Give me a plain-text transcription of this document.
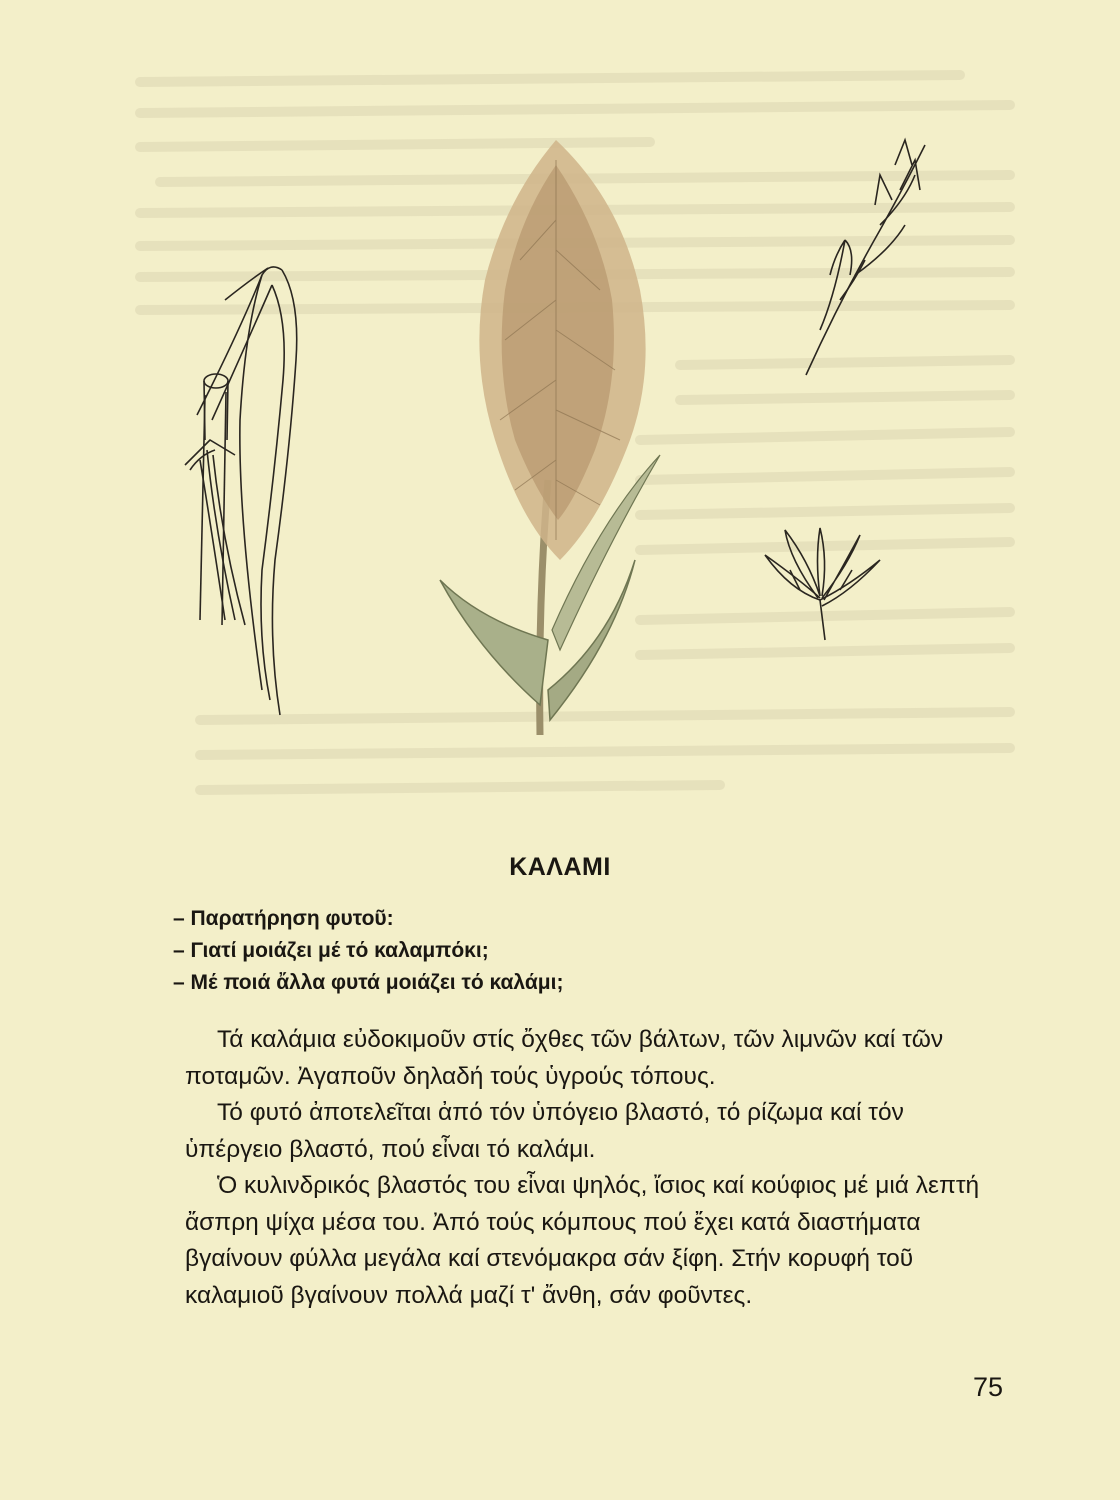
ΚΑΛΑΜΙ
– Παρατήρηση φυτοῦ:
– Γιατί μοιάζει μέ τό καλαμπόκι;
– Μέ ποιά ἄλλα φυτά μοιάζει τό καλάμι;

Τά καλάμια εὐδοκιμοῦν στίς ὄχθες τῶν βάλτων, τῶν λιμνῶν καί τῶν ποταμῶν. Ἀγαποῦν δηλαδή τούς ὑγρούς τόπους.

Τό φυτό ἀποτελεῖται ἀπό τόν ὑπόγειο βλαστό, τό ρίζωμα καί τόν ὑπέργειο βλαστό, πού εἶναι τό καλάμι.

Ὁ κυλινδρικός βλαστός του εἶναι ψηλός, ἴσιος καί κούφιος μέ μιά λεπτή ἄσπρη ψίχα μέσα του. Ἀπό τούς κόμπους πού ἔχει κατά διαστήματα βγαίνουν φύλλα μεγάλα καί στενόμακρα σάν ξίφη. Στήν κορυφή τοῦ καλαμιοῦ βγαίνουν πολλά μαζί τ' ἄνθη, σάν φοῦντες.

75
